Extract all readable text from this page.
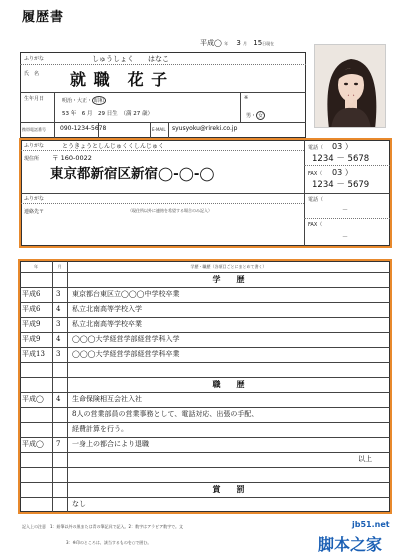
履歴書
平成◯ 年 3 月 15日現在
ふりがな	しゅうしょく　　はなこ
氏　名 就 職　花 子
生年月日	明治・大正・ 昭和
53 年　6 月　29 日生　（満 27 歳）
※
男・ 女
携帯電話番号 090-1234-5678	E-MAIL syusyoku@rireki.co.jp
ふりがな	とうきょうとしんじゅくくしんじゅく
現住所 〒 160-0022
東京都新宿区新宿◯-◯-◯
電話（ 03 ）
1234 － 5678
FAX（ 03 ）
1234 － 5679
ふりがな
連絡先〒	（現住所以外に連絡を希望する場合のみ記入）
電話（
－
FAX（
－
年	月	学歴・職歴（各項目ごとにまとめて書く）
学　　歴
平成6 3 東京都台東区立◯◯◯中学校卒業
平成6 4 私立北南高等学校入学
平成9 3 私立北南高等学校卒業
平成9 4 ◯◯◯大学経営学部経営学科入学
平成13 3 ◯◯◯大学経営学部経営学科卒業
職　　歴
平成◯ 4 生命保険相互会社入社
8人の営業部員の営業事務として、電話対応、出張の手配、
経費計算を行う。
平成◯ 7 一身上の都合により退職
以上
賞　　罰
なし
記入上の注意　1：鉛筆以外の黒または青の筆記具で記入。2：数字はアラビア数字で。文
3：※印のところは、該当するものを○で囲む。
jb51.net
脚本之家
